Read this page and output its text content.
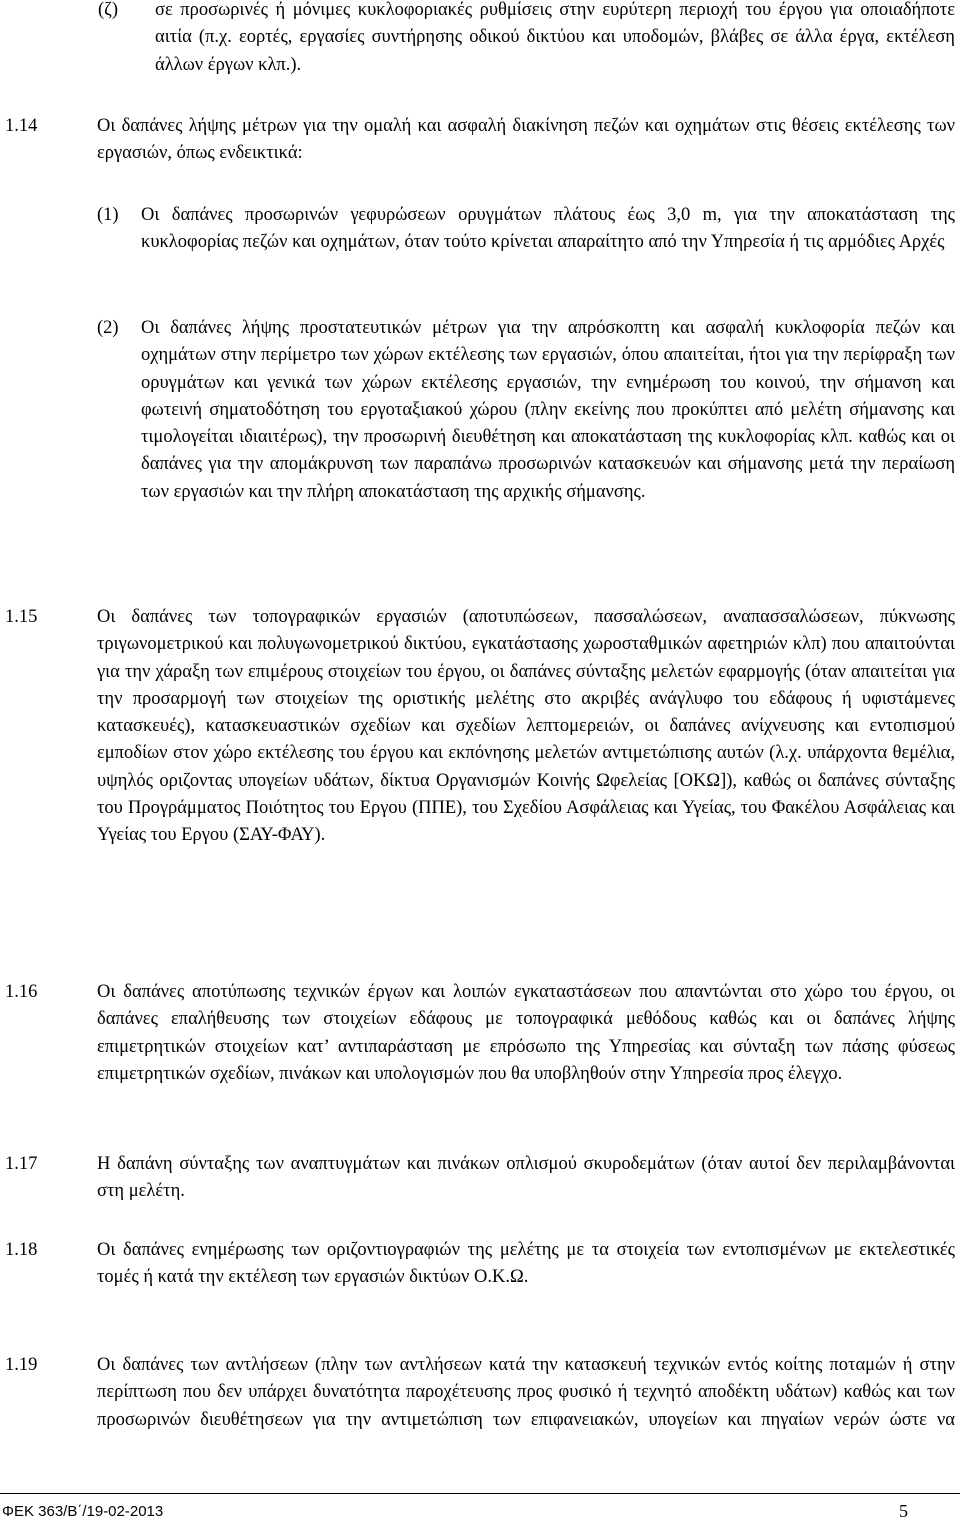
(ζ) σε προσωρινές ή μόνιμες κυκλοφοριακές ρυθμίσεις στην ευρύτερη περιοχή του έργου για οποιαδήποτε αιτία (π.χ. εορτές, εργασίες συντήρησης οδικού δικτύου και υποδομών, βλάβες σε άλλα έργα, εκτέλεση άλλων έργων κλπ.).
1.14	Οι δαπάνες λήψης μέτρων για την ομαλή και ασφαλή διακίνηση πεζών και οχημάτων στις θέσεις εκτέλεσης των εργασιών, όπως ενδεικτικά:
(1) Οι δαπάνες προσωρινών γεφυρώσεων ορυγμάτων πλάτους έως 3,0 m, για την αποκατάσταση της κυκλοφορίας πεζών και οχημάτων, όταν τούτο κρίνεται απαραίτητο από την Υπηρεσία ή τις αρμόδιες Αρχές
(2) Οι δαπάνες λήψης προστατευτικών μέτρων για την απρόσκοπτη και ασφαλή κυκλοφορία πεζών και οχημάτων στην περίμετρο των χώρων εκτέλεσης των εργασιών, όπου απαιτείται, ήτοι για την περίφραξη των ορυγμάτων και γενικά των χώρων εκτέλεσης εργασιών, την ενημέρωση του κοινού, την σήμανση και φωτεινή σηματοδότηση του εργοταξιακού χώρου (πλην εκείνης που προκύπτει από μελέτη σήμανσης και τιμολογείται ιδιαιτέρως), την προσωρινή διευθέτηση και αποκατάσταση της κυκλοφορίας κλπ. καθώς και οι δαπάνες για την απομάκρυνση των παραπάνω προσωρινών κατασκευών και σήμανσης μετά την περαίωση των εργασιών και την πλήρη αποκατάσταση της αρχικής σήμανσης.
1.15	Οι δαπάνες των τοπογραφικών εργασιών (αποτυπώσεων, πασσαλώσεων, αναπασσαλώσεων, πύκνωσης τριγωνομετρικού και πολυγωνομετρικού δικτύου, εγκατάστασης χωροσταθμικών αφετηριών κλπ) που απαιτούνται για την χάραξη των επιμέρους στοιχείων του έργου, οι δαπάνες σύνταξης μελετών εφαρμογής (όταν απαιτείται για την προσαρμογή των στοιχείων της οριστικής μελέτης στο ακριβές ανάγλυφο του εδάφους ή υφιστάμενες κατασκευές), κατασκευαστικών σχεδίων και σχεδίων λεπτομερειών, οι δαπάνες ανίχνευσης και εντοπισμού εμποδίων στον χώρο εκτέλεσης του έργου και εκπόνησης μελετών αντιμετώπισης αυτών (λ.χ. υπάρχοντα θεμέλια, υψηλός οριζοντας υπογείων υδάτων, δίκτυα Οργανισμών Κοινής Ωφελείας [ΟΚΩ]), καθώς οι δαπάνες σύνταξης του Προγράμματος Ποιότητος του Εργου (ΠΠΕ), του Σχεδίου Ασφάλειας και Υγείας, του Φακέλου Ασφάλειας και Υγείας του Εργου (ΣΑΥ-ΦΑΥ).
1.16	Οι δαπάνες αποτύπωσης τεχνικών έργων και λοιπών εγκαταστάσεων που απαντώνται στο χώρο του έργου, οι δαπάνες επαλήθευσης των στοιχείων εδάφους με τοπογραφικά μεθόδους καθώς και οι δαπάνες λήψης επιμετρητικών στοιχείων κατ’ αντιπαράσταση με επρόσωπο της Υπηρεσίας και σύνταξη των πάσης φύσεως επιμετρητικών σχεδίων, πινάκων και υπολογισμών που θα υποβληθούν στην Υπηρεσία προς έλεγχο.
1.17	Η δαπάνη σύνταξης των αναπτυγμάτων και πινάκων οπλισμού σκυροδεμάτων (όταν αυτοί δεν περιλαμβάνονται στη μελέτη.
1.18	Οι δαπάνες ενημέρωσης των οριζοντιογραφιών της μελέτης με τα στοιχεία των εντοπισμένων με εκτελεστικές τομές ή κατά την εκτέλεση των εργασιών δικτύων Ο.Κ.Ω.
1.19	Οι δαπάνες των αντλήσεων (πλην των αντλήσεων κατά την κατασκευή τεχνικών εντός κοίτης ποταμών ή στην περίπτωση που δεν υπάρχει δυνατότητα παροχέτευσης προς φυσικό ή τεχνητό αποδέκτη υδάτων) καθώς και των προσωρινών διευθέτησεων για την αντιμετώπιση των επιφανειακών, υπογείων και πηγαίων νερών ώστε να
ΦΕΚ 363/Β΄/19-02-2013	5
